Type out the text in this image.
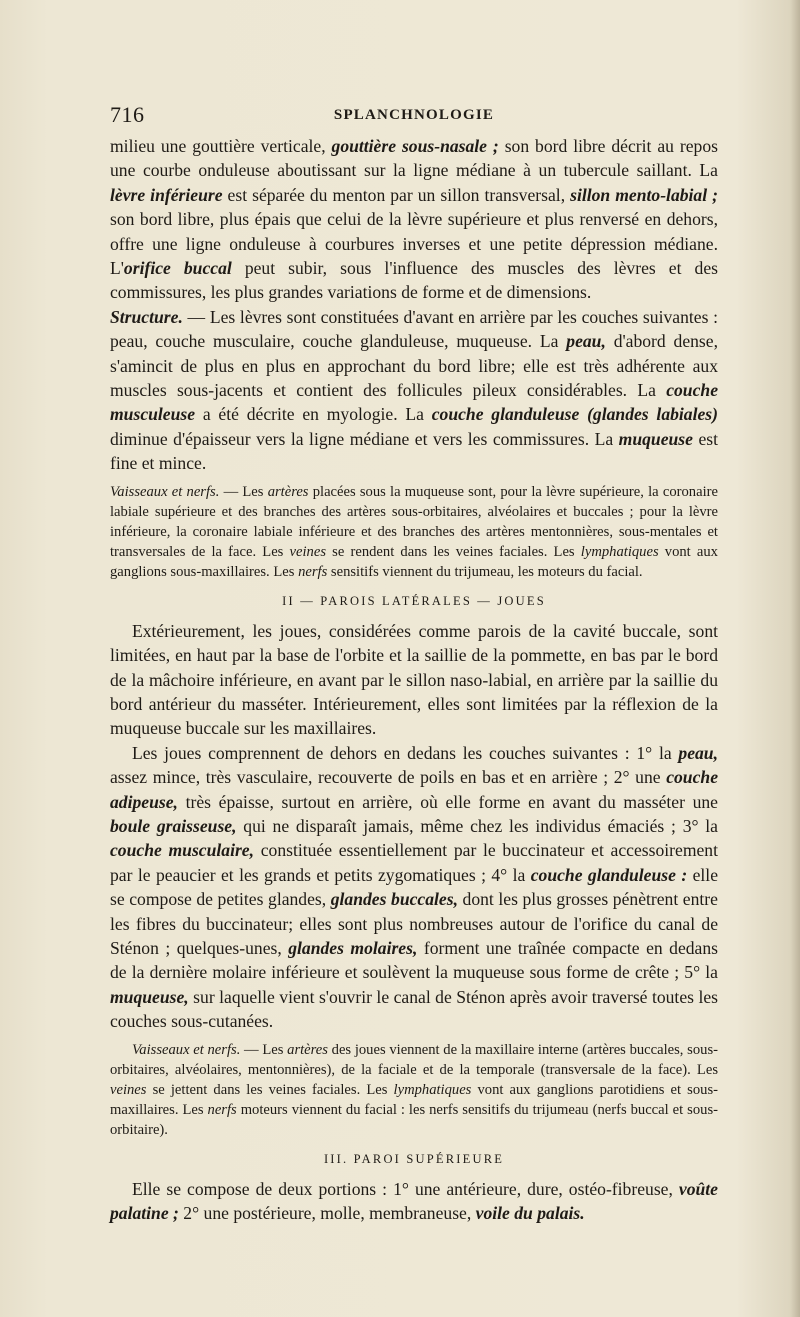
716	SPLANCHNOLOGIE

milieu une gouttière verticale, gouttière sous-nasale ; son bord libre décrit au repos une courbe onduleuse aboutissant sur la ligne médiane à un tubercule saillant. La lèvre inférieure est séparée du menton par un sillon transversal, sillon mento-labial ; son bord libre, plus épais que celui de la lèvre supérieure et plus renversé en dehors, offre une ligne onduleuse à courbures inverses et une petite dépression médiane. L'orifice buccal peut subir, sous l'influence des muscles des lèvres et des commissures, les plus grandes variations de forme et de dimensions.

Structure. — Les lèvres sont constituées d'avant en arrière par les couches suivantes : peau, couche musculaire, couche glanduleuse, muqueuse. La peau, d'abord dense, s'amincit de plus en plus en approchant du bord libre; elle est très adhérente aux muscles sous-jacents et contient des follicules pileux considérables. La couche musculeuse a été décrite en myologie. La couche glanduleuse (glandes labiales) diminue d'épaisseur vers la ligne médiane et vers les commissures. La muqueuse est fine et mince.

Vaisseaux et nerfs. — Les artères placées sous la muqueuse sont, pour la lèvre supérieure, la coronaire labiale supérieure et des branches des artères sous-orbitaires, alvéolaires et buccales ; pour la lèvre inférieure, la coronaire labiale inférieure et des branches des artères mentonnières, sous-mentales et transversales de la face. Les veines se rendent dans les veines faciales. Les lymphatiques vont aux ganglions sous-maxillaires. Les nerfs sensitifs viennent du trijumeau, les moteurs du facial.

II — PAROIS LATÉRALES — JOUES

Extérieurement, les joues, considérées comme parois de la cavité buccale, sont limitées, en haut par la base de l'orbite et la saillie de la pommette, en bas par le bord de la mâchoire inférieure, en avant par le sillon naso-labial, en arrière par la saillie du bord antérieur du masséter. Intérieurement, elles sont limitées par la réflexion de la muqueuse buccale sur les maxillaires.

Les joues comprennent de dehors en dedans les couches suivantes : 1° la peau, assez mince, très vasculaire, recouverte de poils en bas et en arrière ; 2° une couche adipeuse, très épaisse, surtout en arrière, où elle forme en avant du masséter une boule graisseuse, qui ne disparaît jamais, même chez les individus émaciés ; 3° la couche musculaire, constituée essentiellement par le buccinateur et accessoirement par le peaucier et les grands et petits zygomatiques ; 4° la couche glanduleuse : elle se compose de petites glandes, glandes buccales, dont les plus grosses pénètrent entre les fibres du buccinateur; elles sont plus nombreuses autour de l'orifice du canal de Sténon ; quelques-unes, glandes molaires, forment une traînée compacte en dedans de la dernière molaire inférieure et soulèvent la muqueuse sous forme de crête ; 5° la muqueuse, sur laquelle vient s'ouvrir le canal de Sténon après avoir traversé toutes les couches sous-cutanées.

Vaisseaux et nerfs. — Les artères des joues viennent de la maxillaire interne (artères buccales, sous-orbitaires, alvéolaires, mentonnières), de la faciale et de la temporale (transversale de la face). Les veines se jettent dans les veines faciales. Les lymphatiques vont aux ganglions parotidiens et sous-maxillaires. Les nerfs moteurs viennent du facial : les nerfs sensitifs du trijumeau (nerfs buccal et sous-orbitaire).

III. PAROI SUPÉRIEURE

Elle se compose de deux portions : 1° une antérieure, dure, ostéo-fibreuse, voûte palatine ; 2° une postérieure, molle, membraneuse, voile du palais.
